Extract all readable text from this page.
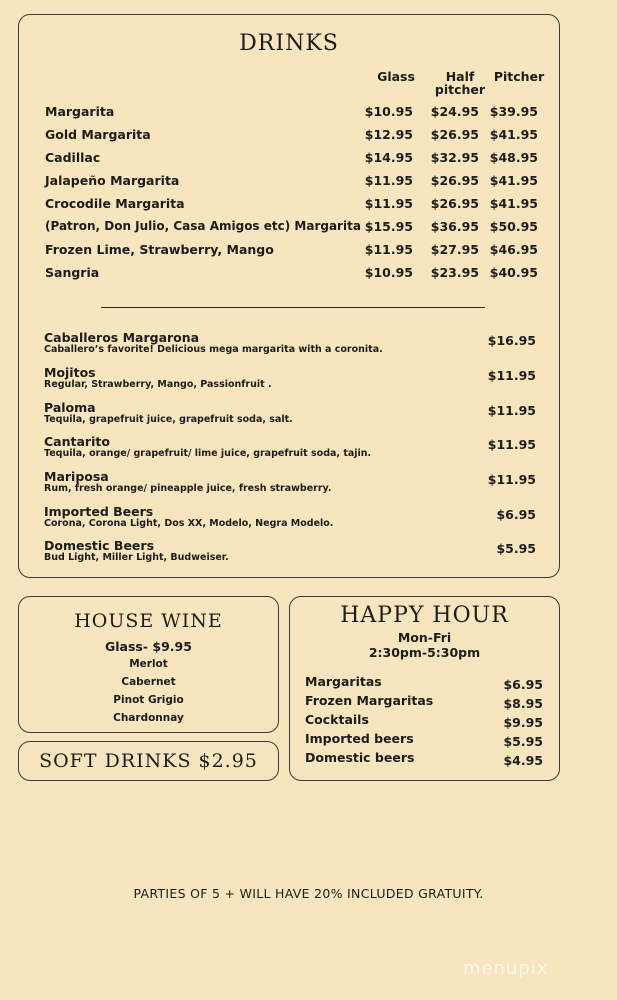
DRINKS
Glass	Half pitcher
Pitcher
Margarita	$10.95	$24.95 $39.95
Gold Margarita	$12.95	$26.95 $41.95
Cadillac	$14.95	$32.95 $48.95
Jalapeño Margarita	$11.95	$26.95 $41.95
Crocodile Margarita	$11.95	$26.95 $41.95
(Patron, Don Julio, Casa Amigos etc) Margarita $15.95	$36.95 $50.95
Frozen Lime, Strawberry, Mango	$11.95	$27.95 $46.95
Sangria	$10.95	$23.95 $40.95
Caballeros Margarona
Caballero’s favorite! Delicious mega margarita with a coronita.
$16.95
Mojitos
Regular, Strawberry, Mango, Passionfruit .
$11.95
Paloma
Tequila, grapefruit juice, grapefruit soda, salt.
$11.95
Cantarito
Tequila, orange/ grapefruit/ lime juice, grapefruit soda, tajin.
$11.95
Mariposa
Rum, fresh orange/ pineapple juice, fresh strawberry.
$11.95
Imported Beers
Corona, Corona Light, Dos XX, Modelo, Negra Modelo.
$6.95
Domestic Beers
Bud Light, Miller Light, Budweiser.
$5.95
HOUSE WINE
Glass- $9.95
Merlot
Cabernet
Pinot Grigio
Chardonnay
SOFT DRINKS $2.95
HAPPY HOUR
Mon-Fri
2:30pm-5:30pm
Margaritas	$6.95
Frozen Margaritas	$8.95
Cocktails	$9.95
Imported beers	$5.95
Domestic beers	$4.95
PARTIES OF 5 + WILL HAVE 20% INCLUDED GRATUITY.
menupix
